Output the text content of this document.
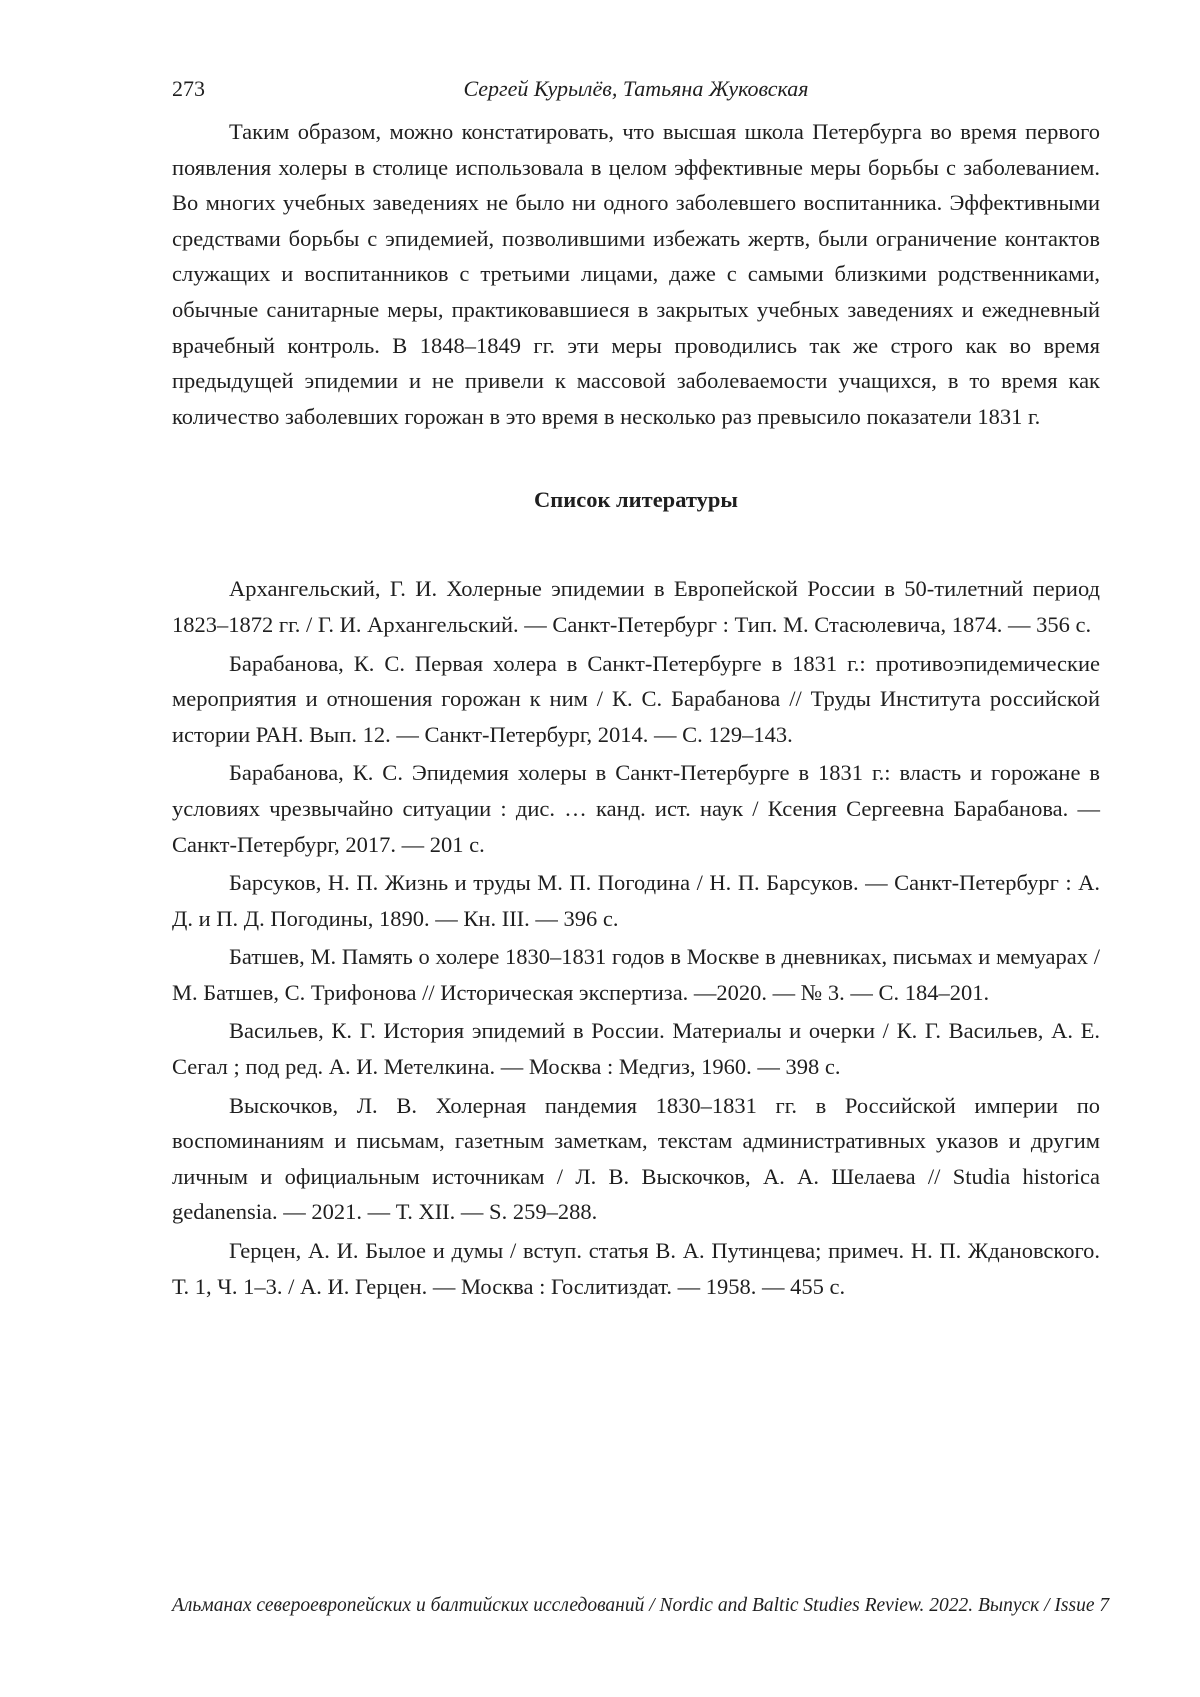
273	Сергей Курылёв, Татьяна Жуковская

Таким образом, можно констатировать, что высшая школа Петербурга во время первого появления холеры в столице использовала в целом эффективные меры борьбы с заболеванием. Во многих учебных заведениях не было ни одного заболевшего воспитанника. Эффективными средствами борьбы с эпидемией, позволившими избежать жертв, были ограничение контактов служащих и воспитанников с третьими лицами, даже с самыми близкими родственниками, обычные санитарные меры, практиковавшиеся в закрытых учебных заведениях и ежедневный врачебный контроль. В 1848–1849 гг. эти меры проводились так же строго как во время предыдущей эпидемии и не привели к массовой заболеваемости учащихся, в то время как количество заболевших горожан в это время в несколько раз превысило показатели 1831 г.

Список литературы
Архангельский, Г. И. Холерные эпидемии в Европейской России в 50-тилетний период 1823–1872 гг. / Г. И. Архангельский. — Санкт-Петербург : Тип. М. Стасюлевича, 1874. — 356 с.
Барабанова, К. С. Первая холера в Санкт-Петербурге в 1831 г.: противоэпидемические мероприятия и отношения горожан к ним / К. С. Барабанова // Труды Института российской истории РАН. Вып. 12. — Санкт-Петербург, 2014. — С. 129–143.
Барабанова, К. С. Эпидемия холеры в Санкт-Петербурге в 1831 г.: власть и горожане в условиях чрезвычайно ситуации : дис. … канд. ист. наук / Ксения Сергеевна Барабанова. — Санкт-Петербург, 2017. — 201 с.
Барсуков, Н. П. Жизнь и труды М. П. Погодина / Н. П. Барсуков. — Санкт-Петербург : А. Д. и П. Д. Погодины, 1890. — Кн. III. — 396 с.
Батшев, М. Память о холере 1830–1831 годов в Москве в дневниках, письмах и мемуарах / М. Батшев, С. Трифонова // Историческая экспертиза. —2020. — № 3. — С. 184–201.
Васильев, К. Г. История эпидемий в России. Материалы и очерки / К. Г. Васильев, А. Е. Сегал ; под ред. А. И. Метелкина. — Москва : Медгиз, 1960. — 398 с.
Выскочков, Л. В. Холерная пандемия 1830–1831 гг. в Российской империи по воспоминаниям и письмам, газетным заметкам, текстам административных указов и другим личным и официальным источникам / Л. В. Выскочков, А. А. Шелаева // Studia historica gedanensia. — 2021. — Т. XII. — S. 259–288.
Герцен, А. И. Былое и думы / вступ. статья В. А. Путинцева; примеч. Н. П. Ждановского. Т. 1, Ч. 1–3. / А. И. Герцен. — Москва : Гослитиздат. — 1958. — 455 с.
Альманах североевропейских и балтийских исследований / Nordic and Baltic Studies Review. 2022. Выпуск / Issue 7
